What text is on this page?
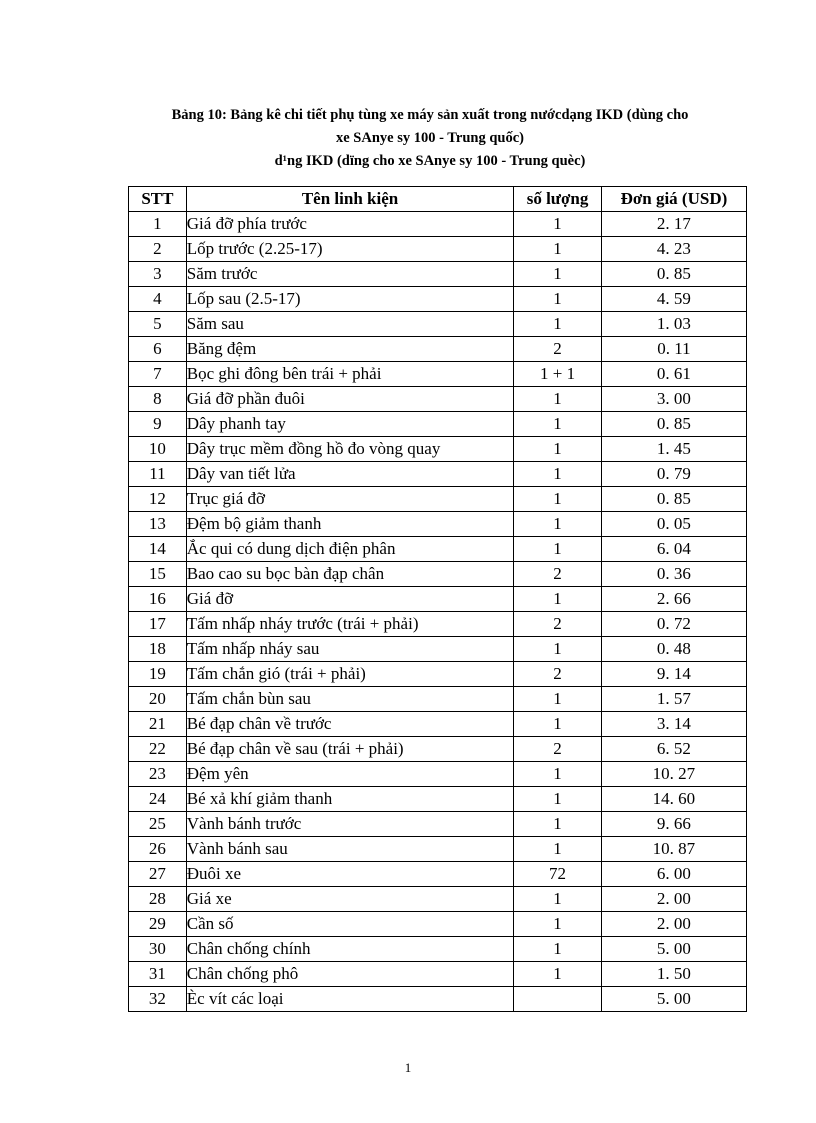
Bảng 10: Bảng kê chi tiết phụ tùng xe máy sản xuất trong nướcdạng IKD (dùng cho
xe SAnye sy 100 - Trung quốc)
d¹ng IKD (dïng cho xe SAnye sy 100 - Trung quèc)
STT	Tên linh kiện	số lượng	Đơn giá (USD)
1	Giá đỡ phía trước	1	2. 17
2	Lốp trước (2.25-17)	1	4. 23
3	Săm trước	1	0. 85
4	Lốp sau (2.5-17)	1	4. 59
5	Săm sau	1	1. 03
6	Băng đệm	2	0. 11
7	Bọc ghi đông bên trái + phải	1 + 1	0. 61
8	Giá đỡ phần đuôi	1	3. 00
9	Dây phanh tay	1	0. 85
10	Dây trục mềm đồng hồ đo vòng quay	1	1. 45
11	Dây van tiết lửa	1	0. 79
12	Trục giá đỡ	1	0. 85
13	Đệm bộ giảm thanh	1	0. 05
14	Ắc qui có dung dịch điện phân	1	6. 04
15	Bao cao su bọc bàn đạp chân	2	0. 36
16	Giá đỡ	1	2. 66
17	Tấm nhấp nháy trước (trái + phải)	2	0. 72
18	Tấm nhấp nháy sau	1	0. 48
19	Tấm chắn gió (trái + phải)	2	9. 14
20	Tấm chắn bùn sau	1	1. 57
21	Bé đạp chân về trước	1	3. 14
22	Bé đạp chân về sau (trái + phải)	2	6. 52
23	Đệm yên	1	10. 27
24	Bé xả khí giảm thanh	1	14. 60
25	Vành bánh trước	1	9. 66
26	Vành bánh sau	1	10. 87
27	Đuôi xe	72	6. 00
28	Giá xe	1	2. 00
29	Cần số	1	2. 00
30	Chân chống chính	1	5. 00
31	Chân chống phô	1	1. 50
32	Èc vít các loại		5. 00
1
